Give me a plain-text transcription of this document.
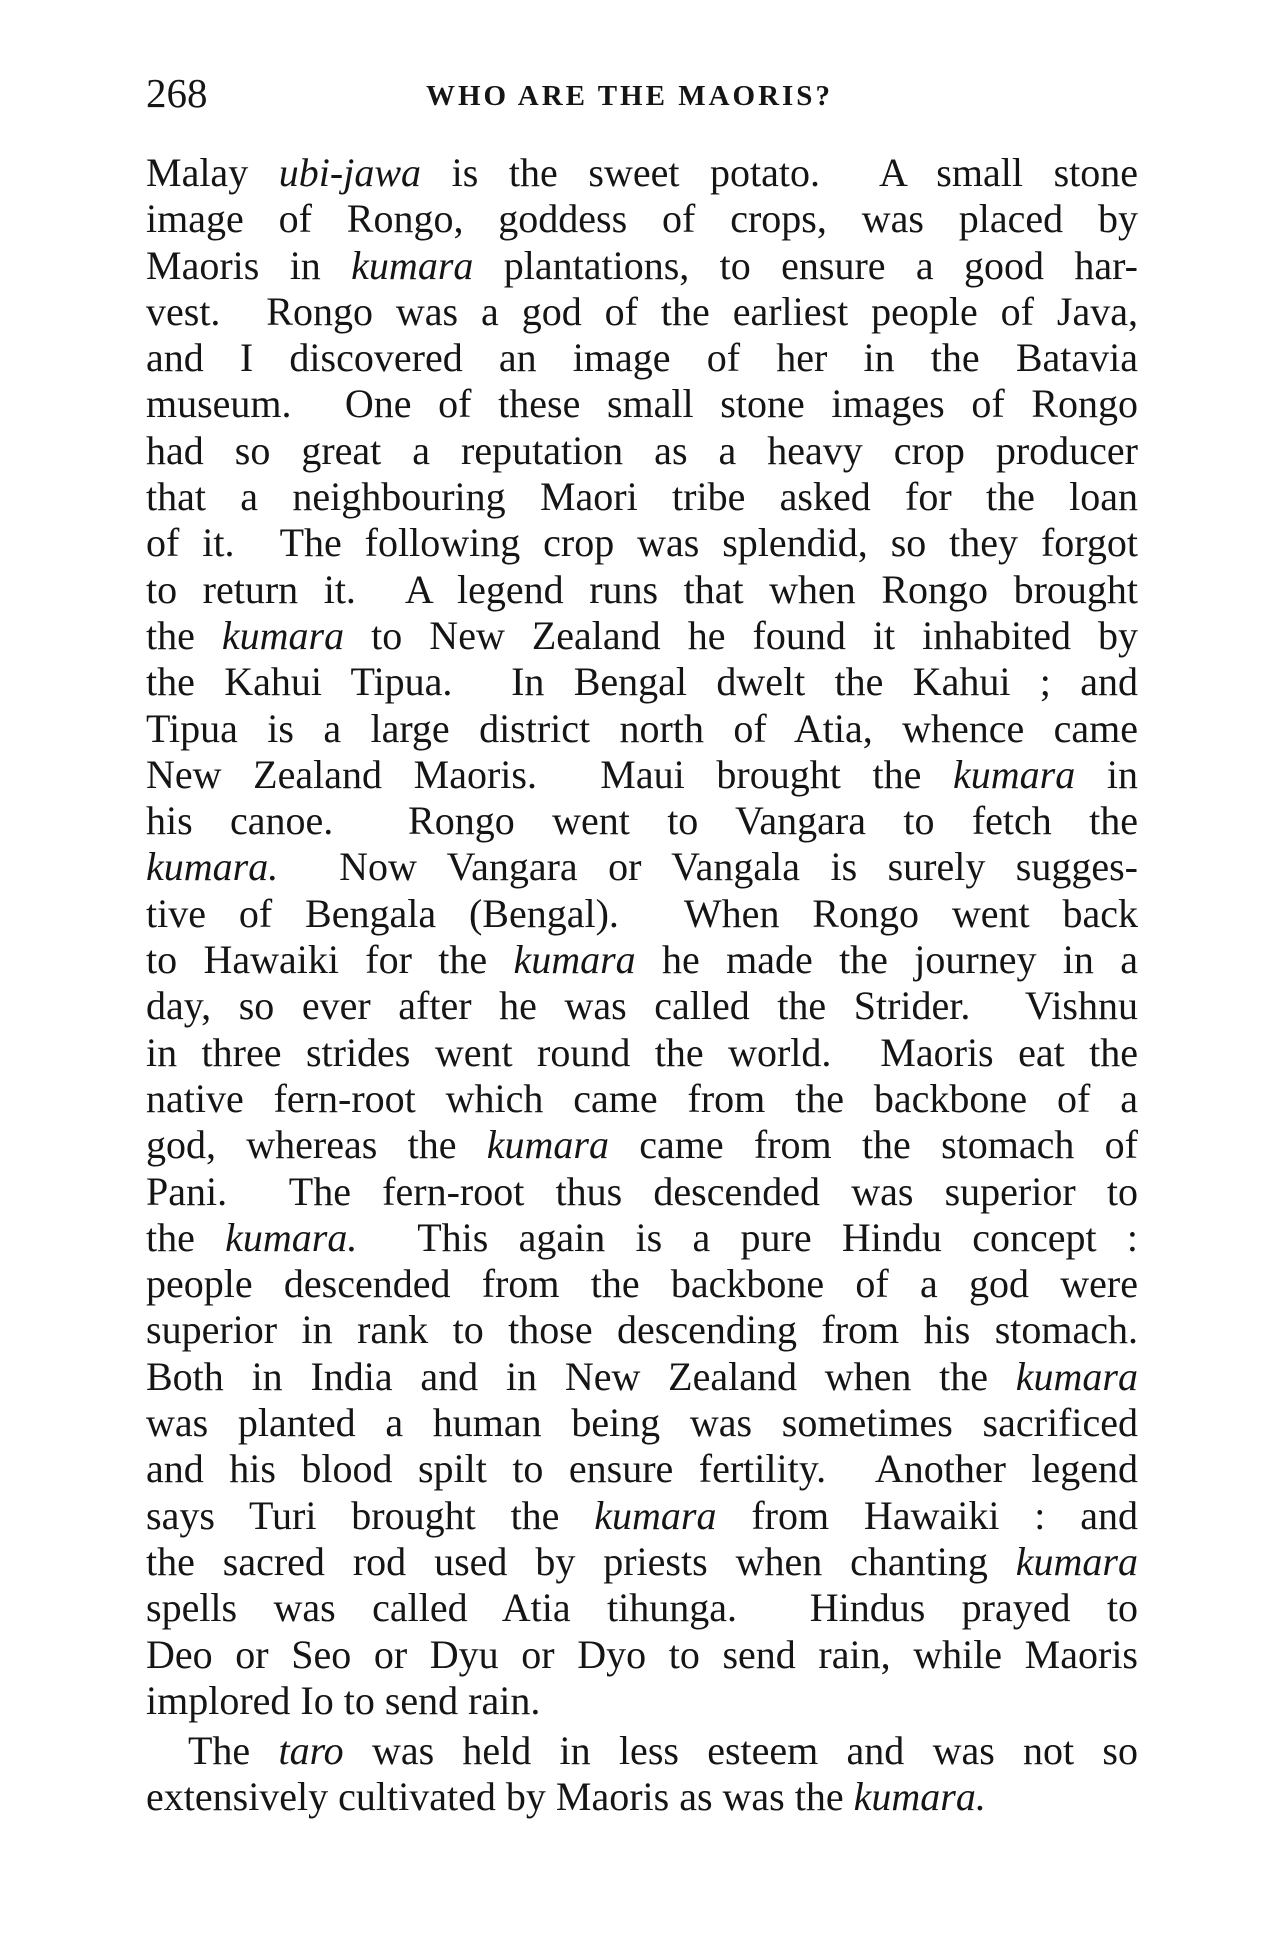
268	WHO ARE THE MAORIS?

Malay ubi-jawa is the sweet potato.  A small stone
image of Rongo, goddess of crops, was placed by
Maoris in kumara plantations, to ensure a good har-
vest.  Rongo was a god of the earliest people of Java,
and I discovered an image of her in the Batavia
museum.  One of these small stone images of Rongo
had so great a reputation as a heavy crop producer
that a neighbouring Maori tribe asked for the loan
of it.  The following crop was splendid, so they forgot
to return it.  A legend runs that when Rongo brought
the kumara to New Zealand he found it inhabited by
the Kahui Tipua.  In Bengal dwelt the Kahui ; and
Tipua is a large district north of Atia, whence came
New Zealand Maoris.  Maui brought the kumara in
his canoe.  Rongo went to Vangara to fetch the
kumara.  Now Vangara or Vangala is surely sugges-
tive of Bengala (Bengal).  When Rongo went back
to Hawaiki for the kumara he made the journey in a
day, so ever after he was called the Strider.  Vishnu
in three strides went round the world.  Maoris eat the
native fern-root which came from the backbone of a
god, whereas the kumara came from the stomach of
Pani.  The fern-root thus descended was superior to
the kumara.  This again is a pure Hindu concept :
people descended from the backbone of a god were
superior in rank to those descending from his stomach.
Both in India and in New Zealand when the kumara
was planted a human being was sometimes sacrificed
and his blood spilt to ensure fertility.  Another legend
says Turi brought the kumara from Hawaiki : and
the sacred rod used by priests when chanting kumara
spells was called Atia tihunga.  Hindus prayed to
Deo or Seo or Dyu or Dyo to send rain, while Maoris
implored Io to send rain.

The taro was held in less esteem and was not so
extensively cultivated by Maoris as was the kumara.
